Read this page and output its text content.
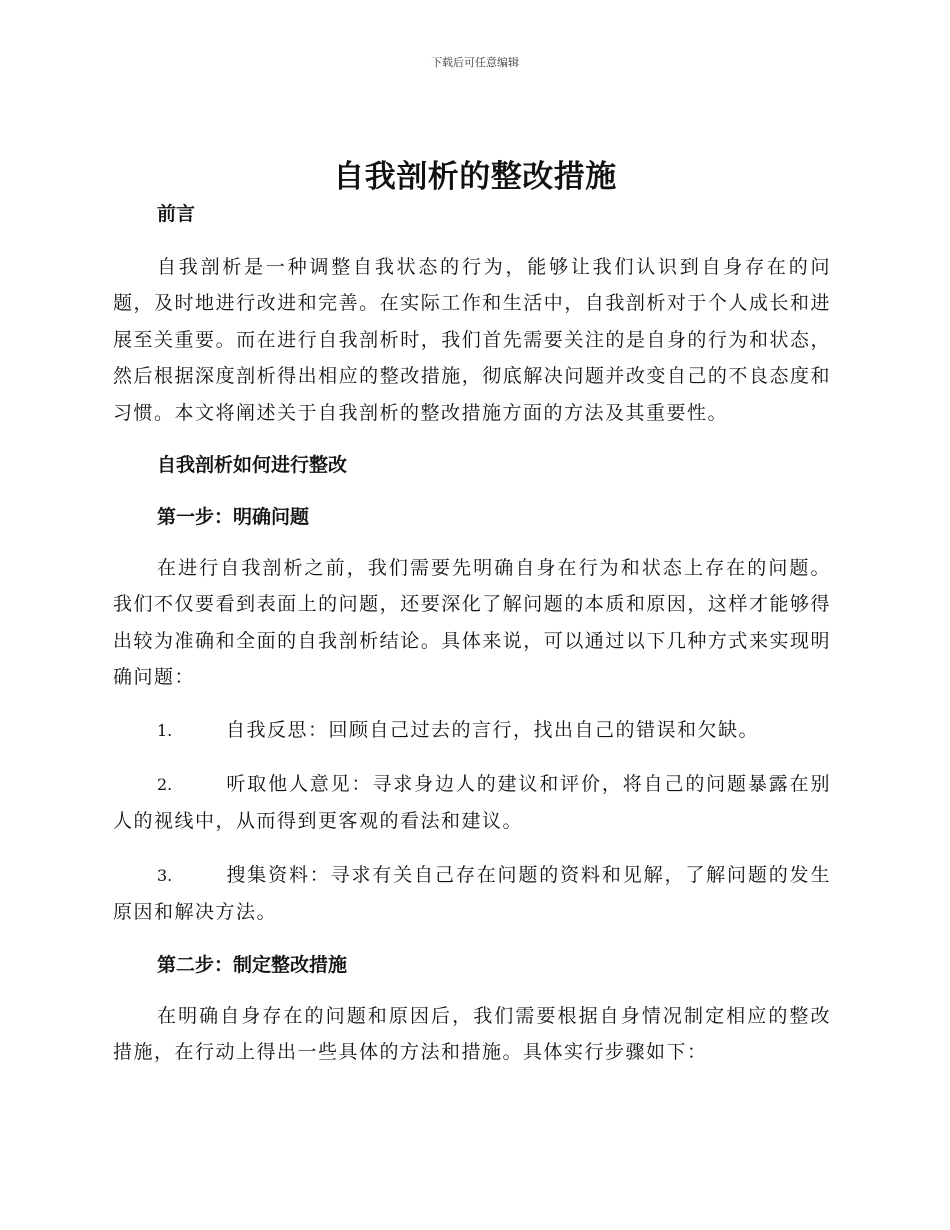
下载后可任意编辑
自我剖析的整改措施

前言

自我剖析是一种调整自我状态的行为，能够让我们认识到自身存在的问题，及时地进行改进和完善。在实际工作和生活中，自我剖析对于个人成长和进展至关重要。而在进行自我剖析时，我们首先需要关注的是自身的行为和状态，然后根据深度剖析得出相应的整改措施，彻底解决问题并改变自己的不良态度和习惯。本文将阐述关于自我剖析的整改措施方面的方法及其重要性。

自我剖析如何进行整改

第一步：明确问题

在进行自我剖析之前，我们需要先明确自身在行为和状态上存在的问题。我们不仅要看到表面上的问题，还要深化了解问题的本质和原因，这样才能够得出较为准确和全面的自我剖析结论。具体来说，可以通过以下几种方式来实现明确问题：

1.	自我反思：回顾自己过去的言行，找出自己的错误和欠缺。

2.	听取他人意见：寻求身边人的建议和评价，将自己的问题暴露在别人的视线中，从而得到更客观的看法和建议。

3.	搜集资料：寻求有关自己存在问题的资料和见解，了解问题的发生原因和解决方法。

第二步：制定整改措施

在明确自身存在的问题和原因后，我们需要根据自身情况制定相应的整改措施，在行动上得出一些具体的方法和措施。具体实行步骤如下：
